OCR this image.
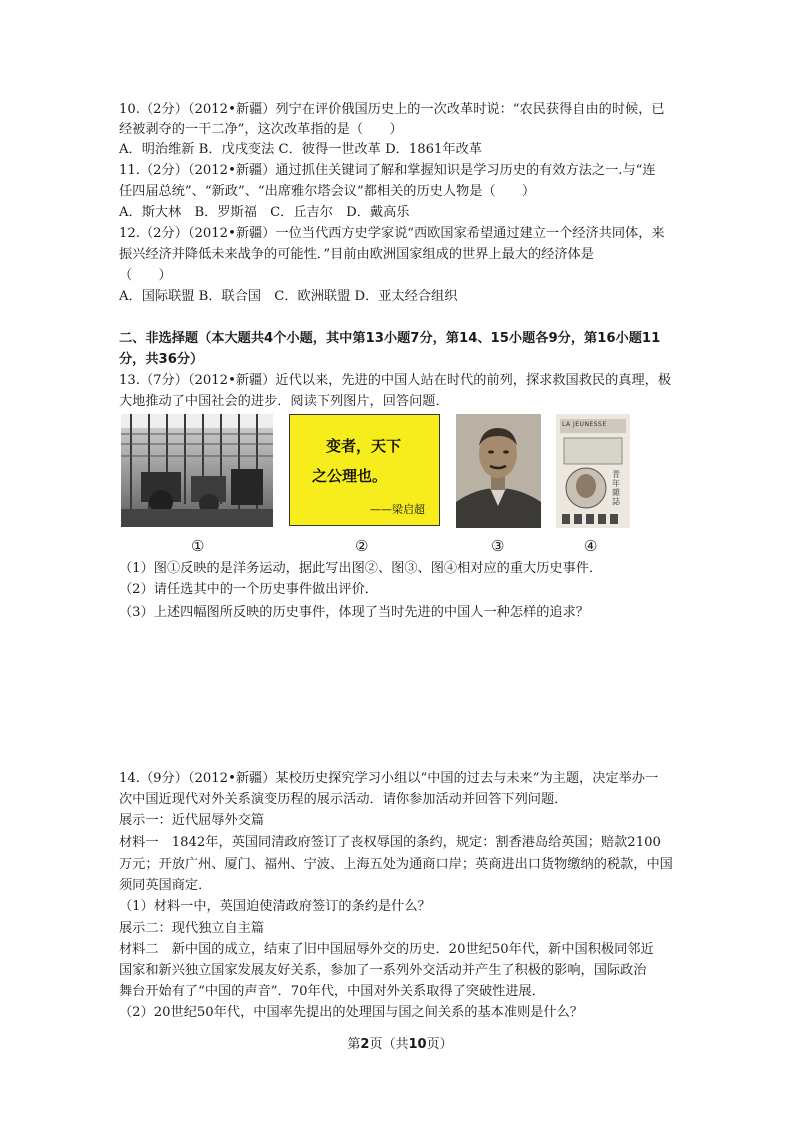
10.（2分）（2012•新疆）列宁在评价俄国历史上的一次改革时说：“农民获得自由的时候，已
经被剥夺的一干二净”，这次改革指的是（　　）
A．明治维新 B．戊戌变法 C．彼得一世改革 D．1861年改革
11.（2分）（2012•新疆）通过抓住关键词了解和掌握知识是学习历史的有效方法之一.与“连
任四届总统”、“新政”、“出席雅尔塔会议”都相关的历史人物是（　　）
A．斯大林　B．罗斯福　C．丘吉尔　D．戴高乐
12.（2分）（2012•新疆）一位当代西方史学家说“西欧国家希望通过建立一个经济共同体，来
振兴经济并降低未来战争的可能性．”目前由欧洲国家组成的世界上最大的经济体是
（　　）
A．国际联盟 B．联合国　C．欧洲联盟 D．亚太经合组织
二、非选择题（本大题共4个小题，其中第13小题7分，第14、15小题各9分，第16小题11
分，共36分）
13.（7分）（2012•新疆）近代以来，先进的中国人站在时代的前列，探求救国救民的真理，极
大地推动了中国社会的进步．阅读下列图片，回答问题．
变者，天下
之公理也。
——梁启超
LA JEUNESSE
青年雜誌
①	②	③	④
（1）图①反映的是洋务运动，据此写出图②、图③、图④相对应的重大历史事件．
（2）请任选其中的一个历史事件做出评价．
（3）上述四幅图所反映的历史事件，体现了当时先进的中国人一种怎样的追求？
14.（9分）（2012•新疆）某校历史探究学习小组以“中国的过去与未来”为主题，决定举办一
次中国近现代对外关系演变历程的展示活动．请你参加活动并回答下列问题．
展示一：近代屈辱外交篇
材料一　1842年，英国同清政府签订了丧权辱国的条约，规定：割香港岛给英国；赔款2100
万元；开放广州、厦门、福州、宁波、上海五处为通商口岸；英商进出口货物缴纳的税款，中国
须同英国商定．
（1）材料一中，英国迫使清政府签订的条约是什么？
展示二：现代独立自主篇
材料二　新中国的成立，结束了旧中国屈辱外交的历史．20世纪50年代，新中国积极同邻近
国家和新兴独立国家发展友好关系，参加了一系列外交活动并产生了积极的影响，国际政治
舞台开始有了“中国的声音”．70年代，中国对外关系取得了突破性进展．
（2）20世纪50年代，中国率先提出的处理国与国之间关系的基本准则是什么？
第2页（共10页）
